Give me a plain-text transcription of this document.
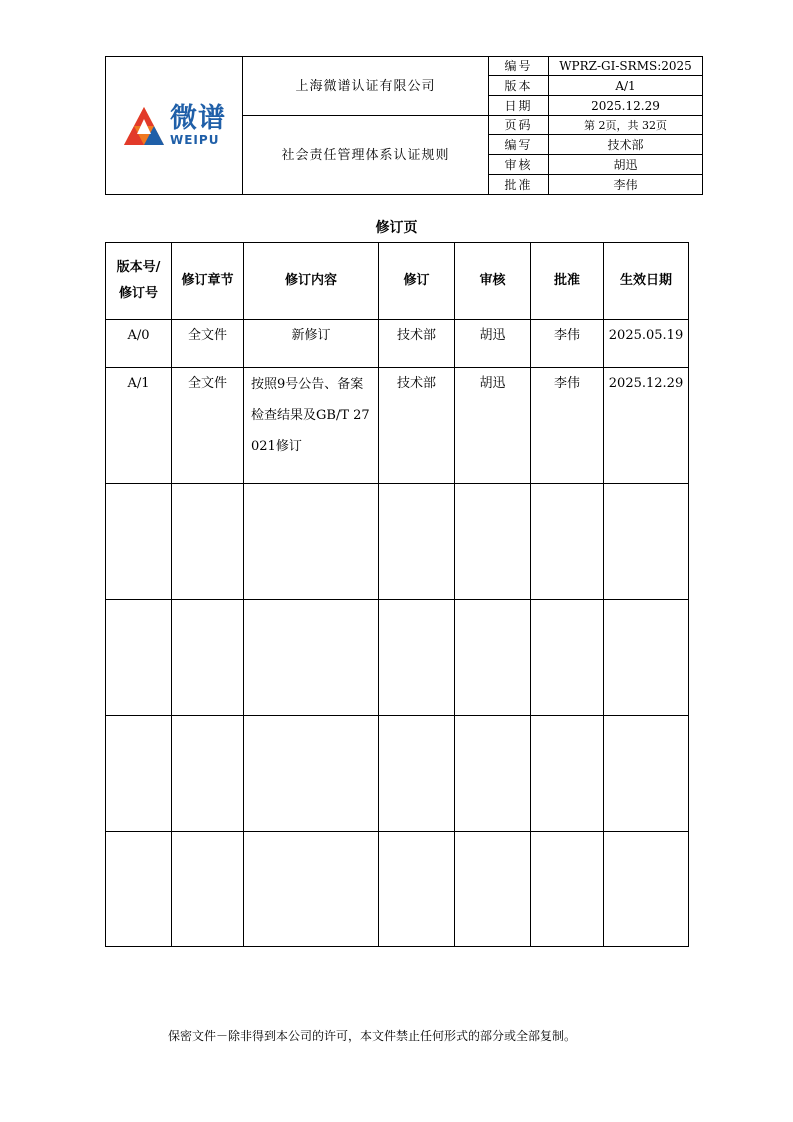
微谱
WEIPU	上海微谱认证有限公司	编号	WPRZ-GI-SRMS:2025
		版本	A/1
		日期	2025.12.29
	社会责任管理体系认证规则	页码	第 2页，共 32页
		编写	技术部
		审核	胡迅
		批准	李伟
修订页
版本号/修订号	修订章节	修订内容	修订	审核	批准	生效日期
A/0	全文件	新修订	技术部	胡迅	李伟	2025.05.19
A/1	全文件	按照9号公告、备案检查结果及GB/T 27021修订	技术部	胡迅	李伟	2025.12.29

保密文件－除非得到本公司的许可，本文件禁止任何形式的部分或全部复制。
